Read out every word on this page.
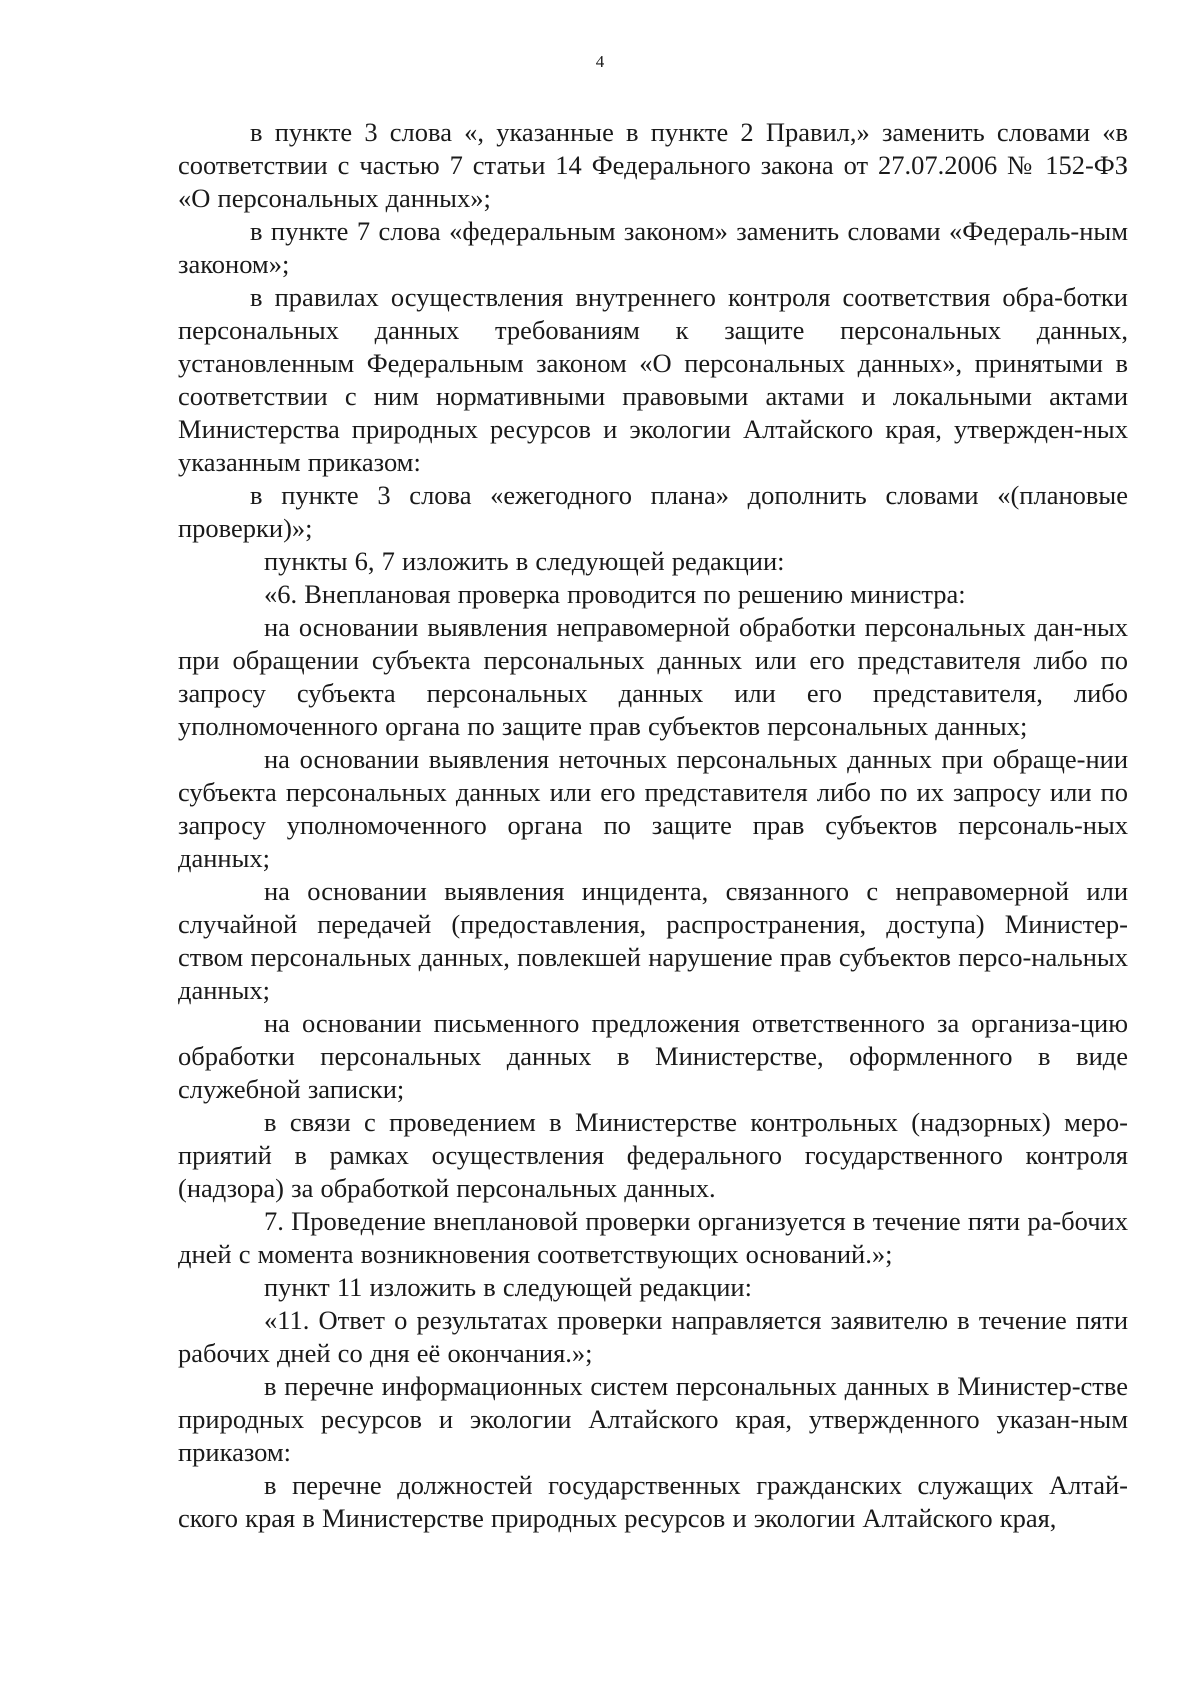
4

в пункте 3 слова «, указанные в пункте 2 Правил,» заменить словами «в соответствии с частью 7 статьи 14 Федерального закона от 27.07.2006 № 152-ФЗ «О персональных данных»;

в пункте 7 слова «федеральным законом» заменить словами «Федераль-ным законом»;

в правилах осуществления внутреннего контроля соответствия обра-ботки персональных данных требованиям к защите персональных данных, установленным Федеральным законом «О персональных данных», принятыми в соответствии с ним нормативными правовыми актами и локальными актами Министерства природных ресурсов и экологии Алтайского края, утвержден-ных указанным приказом:

в пункте 3 слова «ежегодного плана» дополнить словами «(плановые проверки)»;

пункты 6, 7 изложить в следующей редакции:

«6. Внеплановая проверка проводится по решению министра:

на основании выявления неправомерной обработки персональных дан-ных при обращении субъекта персональных данных или его представителя либо по запросу субъекта персональных данных или его представителя, либо уполномоченного органа по защите прав субъектов персональных данных;

на основании выявления неточных персональных данных при обраще-нии субъекта персональных данных или его представителя либо по их запросу или по запросу уполномоченного органа по защите прав субъектов персональ-ных данных;

на основании выявления инцидента, связанного с неправомерной или случайной передачей (предоставления, распространения, доступа) Министер-ством персональных данных, повлекшей нарушение прав субъектов персо-нальных данных;

на основании письменного предложения ответственного за организа-цию обработки персональных данных в Министерстве, оформленного в виде служебной записки;

в связи с проведением в Министерстве контрольных (надзорных) меро-приятий в рамках осуществления федерального государственного контроля (надзора) за обработкой персональных данных.

7. Проведение внеплановой проверки организуется в течение пяти ра-бочих дней с момента возникновения соответствующих оснований.»;

пункт 11 изложить в следующей редакции:

«11. Ответ о результатах проверки направляется заявителю в течение пяти рабочих дней со дня её окончания.»;

в перечне информационных систем персональных данных в Министер-стве природных ресурсов и экологии Алтайского края, утвержденного указан-ным приказом:

в перечне должностей государственных гражданских служащих Алтай-ского края в Министерстве природных ресурсов и экологии Алтайского края,
